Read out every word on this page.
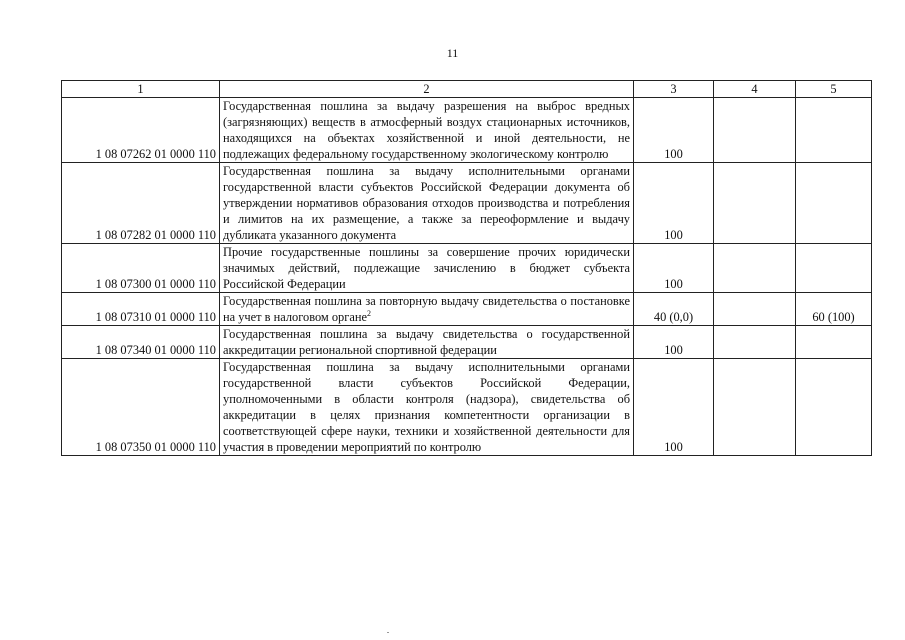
11
1	2	3	4	5
1 08 07262 01 0000 110	Государственная пошлина за выдачу разрешения на выброс вредных (загрязняющих) веществ в атмосферный воздух стационарных источников, находящихся на объектах хозяйственной и иной деятельности, не подлежащих федеральному государственному экологическому контролю	100		
1 08 07282 01 0000 110	Государственная пошлина за выдачу исполнительными органами государственной власти субъектов Российской Федерации документа об утверждении нормативов образования отходов производства и потребления и лимитов на их размещение, а также за переоформление и выдачу дубликата указанного документа	100		
1 08 07300 01 0000 110	Прочие государственные пошлины за совершение прочих юридически значимых действий, подлежащие зачислению в бюджет субъекта Российской Федерации	100		
1 08 07310 01 0000 110	Государственная пошлина за повторную выдачу свидетельства о постановке на учет в налоговом органе$^2$	40 (0,0)		60 (100)
1 08 07340 01 0000 110	Государственная пошлина за выдачу свидетельства о государственной аккредитации региональной спортивной федерации	100		
1 08 07350 01 0000 110	Государственная пошлина за выдачу исполнительными органами государственной власти субъектов Российской Федерации, уполномоченными в области контроля (надзора), свидетельства об аккредитации в целях признания компетентности организации в соответствующей сфере науки, техники и хозяйственной деятельности для участия в проведении мероприятий по контролю	100		
